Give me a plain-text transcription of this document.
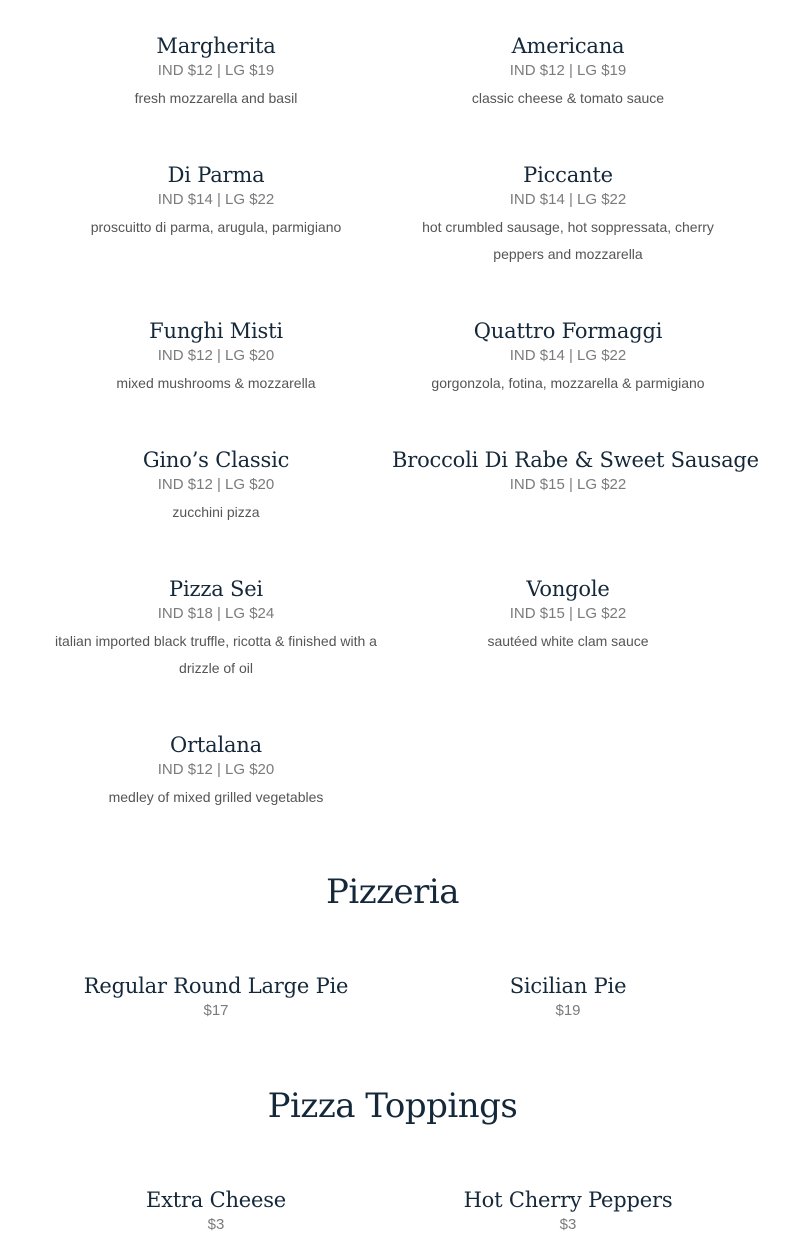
Margherita
IND $12 | LG $19
fresh mozzarella and basil
Americana
IND $12 | LG $19
classic cheese & tomato sauce
Di Parma
IND $14 | LG $22
proscuitto di parma, arugula, parmigiano
Piccante
IND $14 | LG $22
hot crumbled sausage, hot soppressata, cherry peppers and mozzarella
Funghi Misti
IND $12 | LG $20
mixed mushrooms & mozzarella
Quattro Formaggi
IND $14 | LG $22
gorgonzola, fotina, mozzarella & parmigiano
Gino’s Classic
IND $12 | LG $20
zucchini pizza
Broccoli Di Rabe & Sweet Sausage
IND $15 | LG $22
Pizza Sei
IND $18 | LG $24
italian imported black truffle, ricotta & finished with a drizzle of oil
Vongole
IND $15 | LG $22
sautéed white clam sauce
Ortalana
IND $12 | LG $20
medley of mixed grilled vegetables
Pizzeria
Regular Round Large Pie
$17
Sicilian Pie
$19
Pizza Toppings
Extra Cheese
$3
Hot Cherry Peppers
$3
